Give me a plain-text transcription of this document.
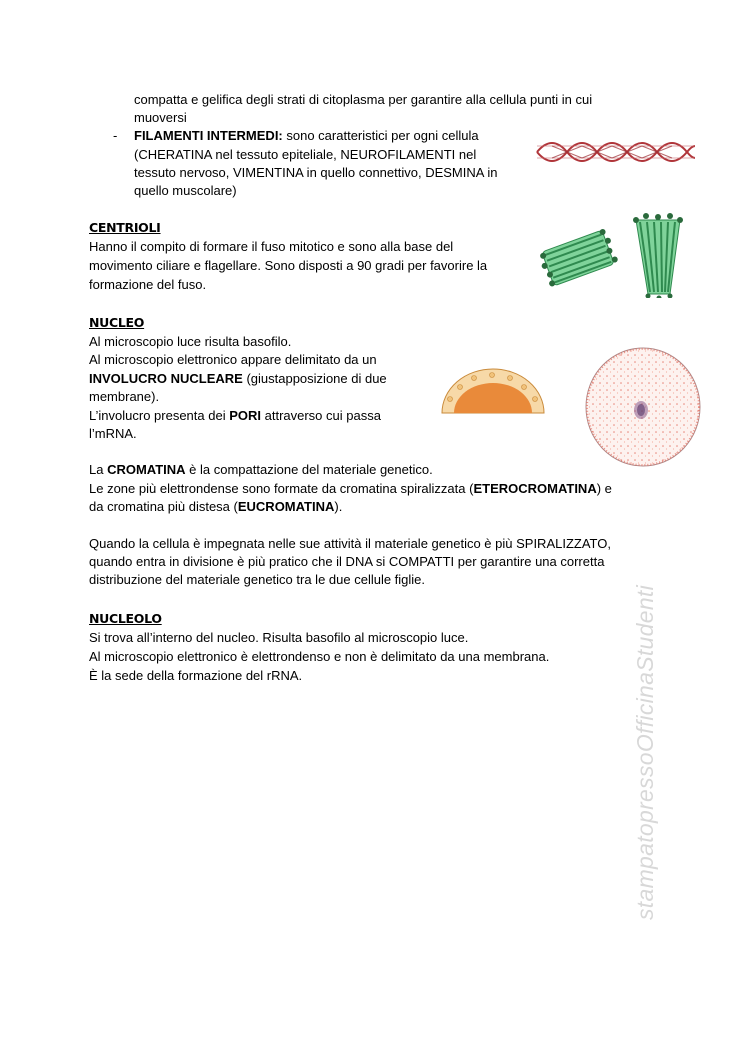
compatta e gelifica degli strati di citoplasma per garantire alla cellula punti in cui
muoversi
- FILAMENTI INTERMEDI: sono caratteristici per ogni cellula
(CHERATINA nel tessuto epiteliale, NEUROFILAMENTI nel
tessuto nervoso, VIMENTINA in quello connettivo, DESMINA in
quello muscolare)
CENTRIOLI
Hanno il compito di formare il fuso mitotico e sono alla base del
movimento ciliare e flagellare. Sono disposti a 90 gradi per favorire la
formazione del fuso.
NUCLEO
Al microscopio luce risulta basofilo.
Al microscopio elettronico appare delimitato da un
INVOLUCRO NUCLEARE (giustapposizione di due
membrane).
L’involucro presenta dei PORI attraverso cui passa
l’mRNA.
La CROMATINA è la compattazione del materiale genetico.
Le zone più elettrondense sono formate da cromatina spiralizzata (ETEROCROMATINA) e
da cromatina più distesa (EUCROMATINA).
Quando la cellula è impegnata nelle sue attività il materiale genetico è più SPIRALIZZATO,
quando entra in divisione è più pratico che il DNA si COMPATTI per garantire una corretta
distribuzione del materiale genetico tra le due cellule figlie.
NUCLEOLO
Si trova all’interno del nucleo. Risulta basofilo al microscopio luce.
Al microscopio elettronico è elettrondenso e non è delimitato da una membrana.
È la sede della formazione del rRNA.	stampatopressoOfficinaStudenti
